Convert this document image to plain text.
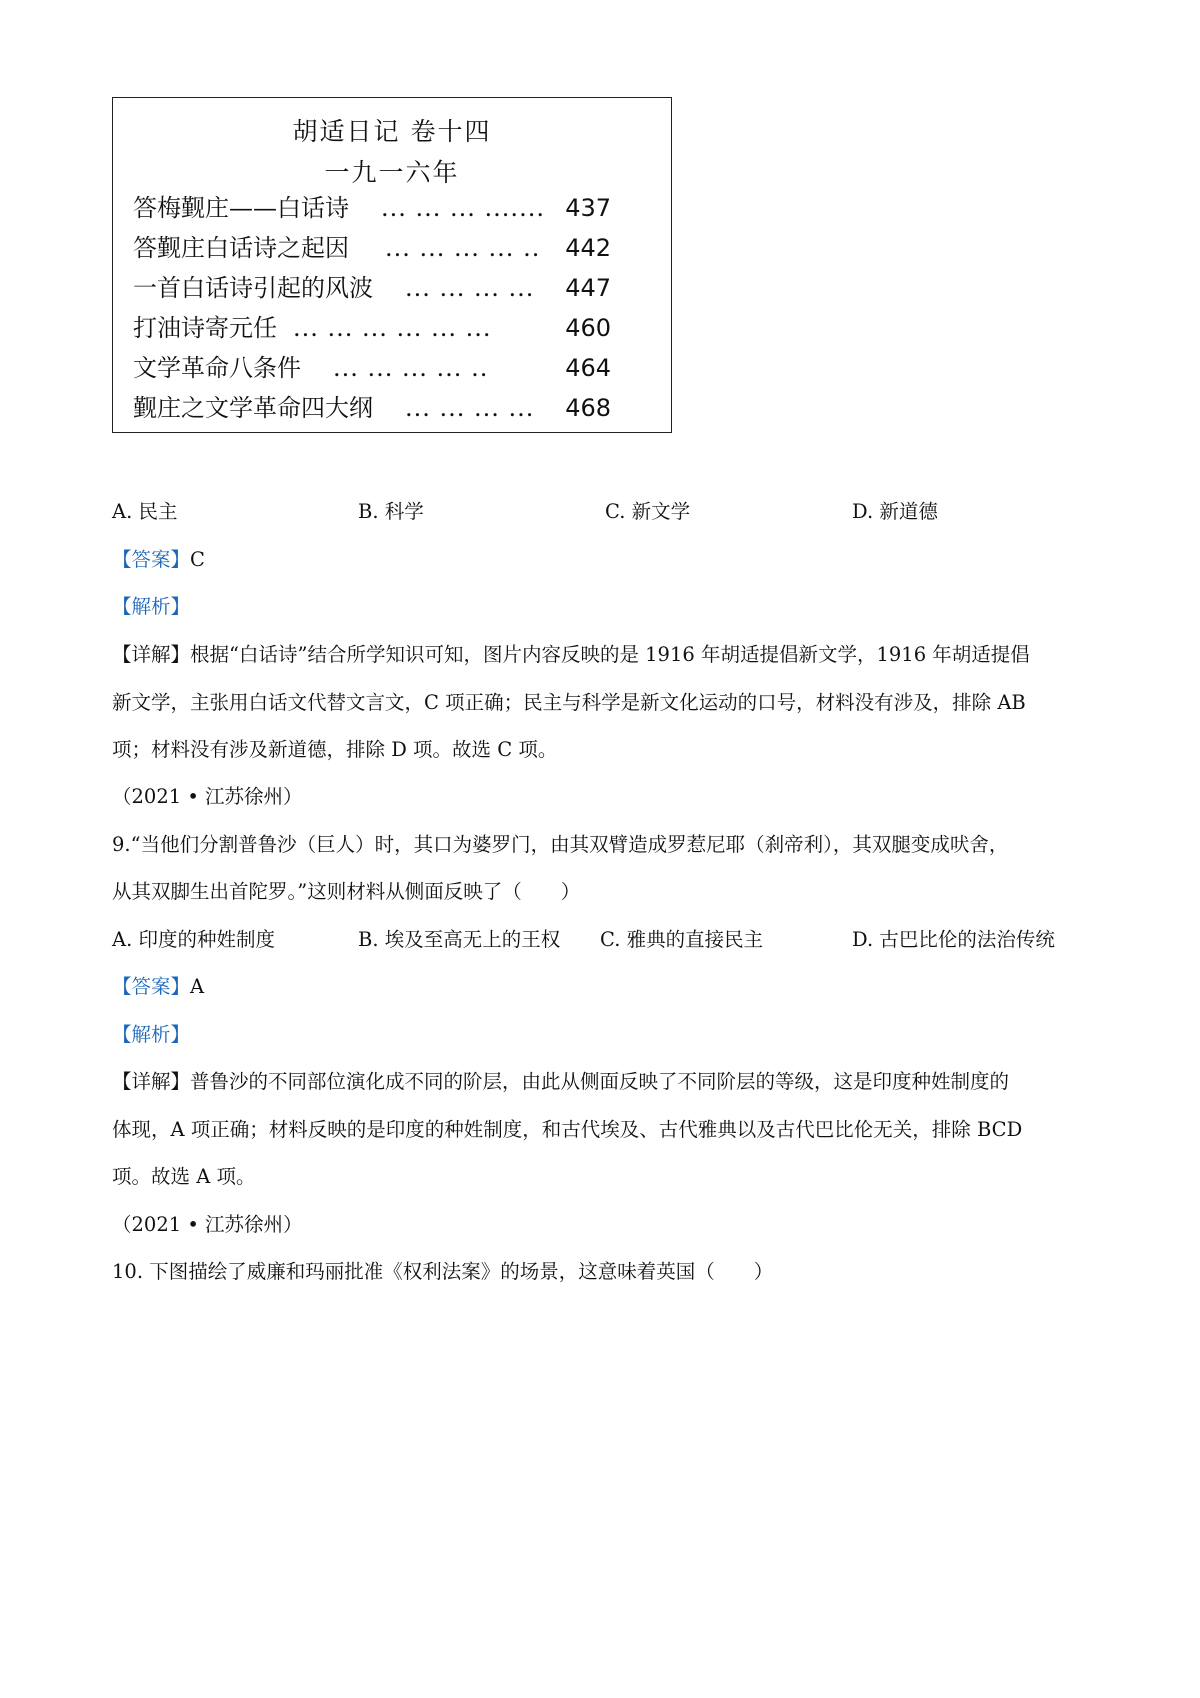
胡适日记 卷十四
一九一六年
答梅觐庄——白话诗 ... ... ... ....... 437
答觐庄白话诗之起因 ... ... ... ... .. 442
一首白话诗引起的风波 ... ... ... ... 447
打油诗寄元任 ... ... ... ... ... ...	460
文学革命八条件 ... ... ... ... ..	464
觐庄之文学革命四大纲 ... ... ... ... 468
A. 民主	B. 科学	C. 新文学	D. 新道德
【答案】C
【解析】
【详解】根据“白话诗”结合所学知识可知，图片内容反映的是 1916 年胡适提倡新文学，1916 年胡适提倡
新文学，主张用白话文代替文言文，C 项正确；民主与科学是新文化运动的口号，材料没有涉及，排除 AB
项；材料没有涉及新道德，排除 D 项。故选 C 项。
（2021 • 江苏徐州）
9.“当他们分割普鲁沙（巨人）时，其口为婆罗门，由其双臂造成罗惹尼耶（刹帝利），其双腿变成吠舍，
从其双脚生出首陀罗。”这则材料从侧面反映了（　　）
A. 印度的种姓制度	B. 埃及至高无上的王权 C. 雅典的直接民主	D. 古巴比伦的法治传统
【答案】A
【解析】
【详解】普鲁沙的不同部位演化成不同的阶层，由此从侧面反映了不同阶层的等级，这是印度种姓制度的
体现，A 项正确；材料反映的是印度的种姓制度，和古代埃及、古代雅典以及古代巴比伦无关，排除 BCD
项。故选 A 项。
（2021 • 江苏徐州）
10. 下图描绘了威廉和玛丽批准《权利法案》的场景，这意味着英国（　　）
